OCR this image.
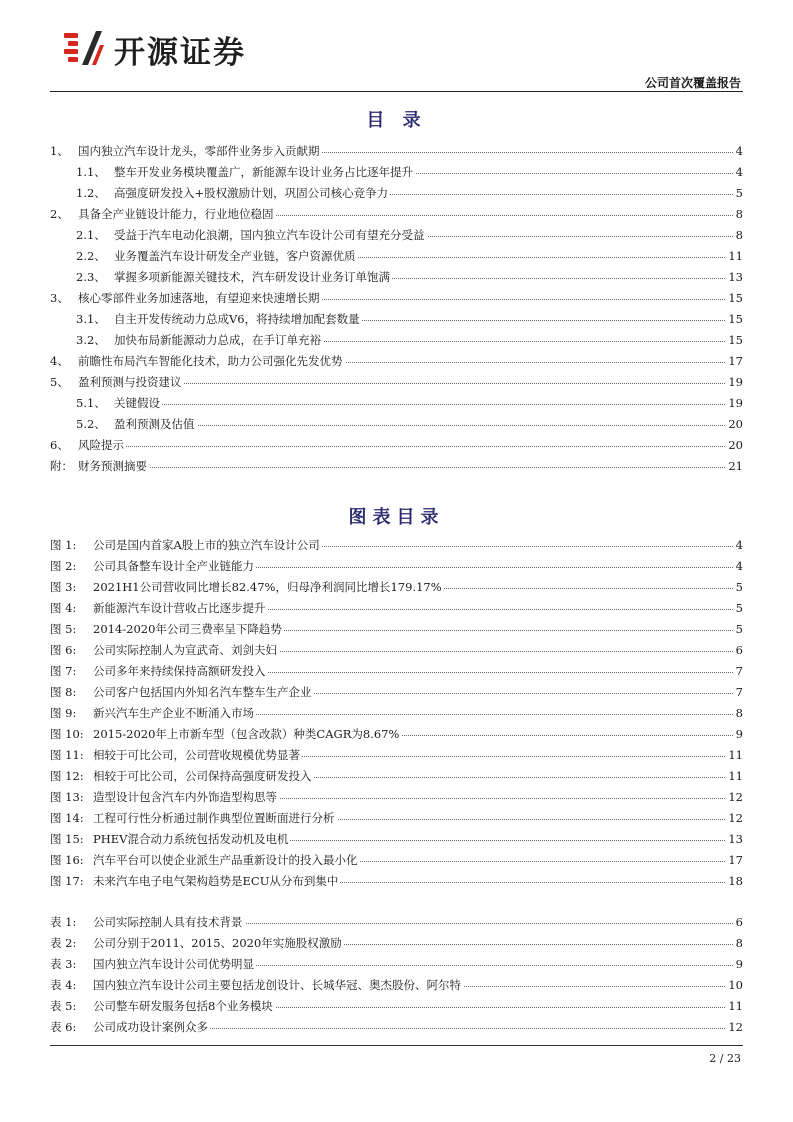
开源证券
公司首次覆盖报告
目 录
1、 国内独立汽车设计龙头，零部件业务步入贡献期	4
1.1、 整车开发业务模块覆盖广，新能源车设计业务占比逐年提升	4
1.2、 高强度研发投入+股权激励计划，巩固公司核心竞争力	5
2、 具备全产业链设计能力，行业地位稳固	8
2.1、 受益于汽车电动化浪潮，国内独立汽车设计公司有望充分受益	8
2.2、 业务覆盖汽车设计研发全产业链，客户资源优质	11
2.3、 掌握多项新能源关键技术，汽车研发设计业务订单饱满	13
3、 核心零部件业务加速落地，有望迎来快速增长期	15
3.1、 自主开发传统动力总成V6，将持续增加配套数量	15
3.2、 加快布局新能源动力总成，在手订单充裕	15
4、 前瞻性布局汽车智能化技术，助力公司强化先发优势	17
5、 盈利预测与投资建议	19
5.1、 关键假设	19
5.2、 盈利预测及估值	20
6、 风险提示	20
附： 财务预测摘要	21
图表目录
图 1: 公司是国内首家A股上市的独立汽车设计公司	4
图 2: 公司具备整车设计全产业链能力	4
图 3: 2021H1公司营收同比增长82.47%，归母净利润同比增长179.17%	5
图 4: 新能源汽车设计营收占比逐步提升	5
图 5: 2014-2020年公司三费率呈下降趋势	5
图 6: 公司实际控制人为宣武奇、刘剑夫妇	6
图 7: 公司多年来持续保持高额研发投入	7
图 8: 公司客户包括国内外知名汽车整车生产企业	7
图 9: 新兴汽车生产企业不断涌入市场	8
图 10: 2015-2020年上市新车型（包含改款）种类CAGR为8.67%	9
图 11: 相较于可比公司，公司营收规模优势显著	11
图 12: 相较于可比公司，公司保持高强度研发投入	11
图 13: 造型设计包含汽车内外饰造型构思等	12
图 14: 工程可行性分析通过制作典型位置断面进行分析	12
图 15: PHEV混合动力系统包括发动机及电机	13
图 16: 汽车平台可以使企业派生产品重新设计的投入最小化	17
图 17: 未来汽车电子电气架构趋势是ECU从分布到集中	18
表 1: 公司实际控制人具有技术背景	6
表 2: 公司分别于2011、2015、2020年实施股权激励	8
表 3: 国内独立汽车设计公司优势明显	9
表 4: 国内独立汽车设计公司主要包括龙创设计、长城华冠、奥杰股份、阿尔特	10
表 5: 公司整车研发服务包括8个业务模块	11
表 6: 公司成功设计案例众多	12
2 / 23
